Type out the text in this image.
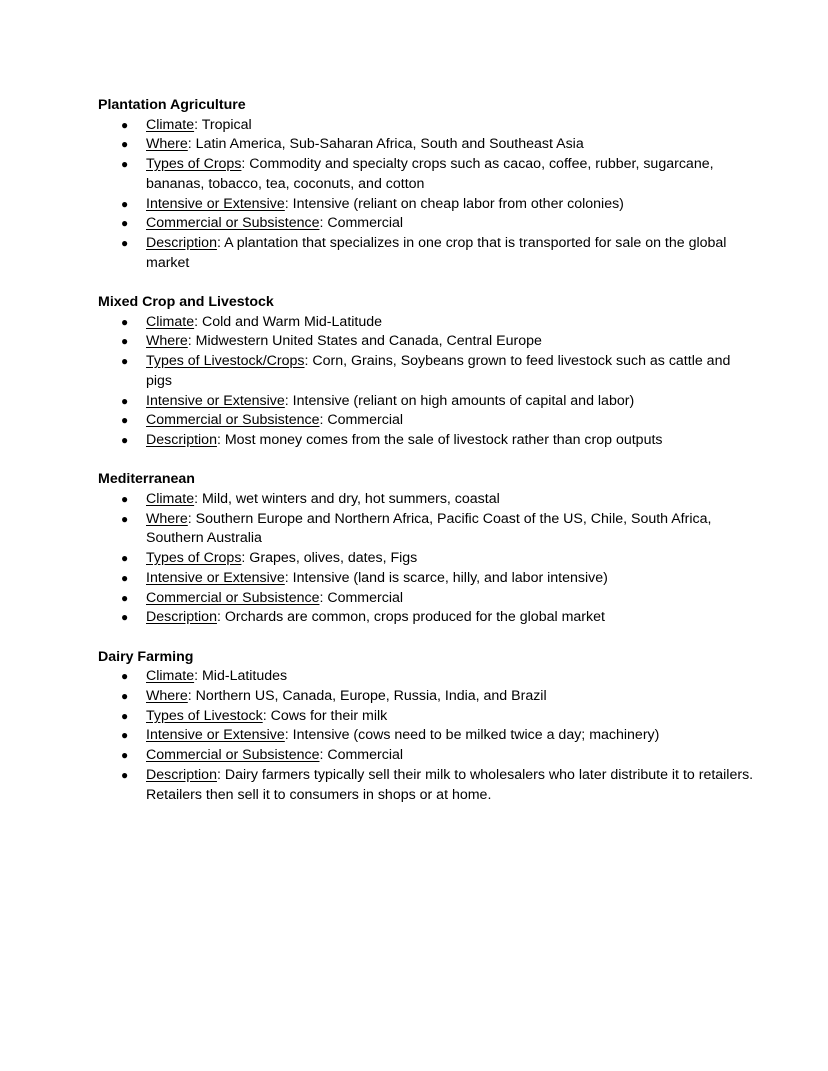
Plantation Agriculture

● Climate: Tropical
● Where: Latin America, Sub-Saharan Africa, South and Southeast Asia
● Types of Crops: Commodity and specialty crops such as cacao, coffee, rubber, sugarcane, bananas, tobacco, tea, coconuts, and cotton
● Intensive or Extensive: Intensive (reliant on cheap labor from other colonies)
● Commercial or Subsistence: Commercial
● Description: A plantation that specializes in one crop that is transported for sale on the global market

Mixed Crop and Livestock

● Climate: Cold and Warm Mid-Latitude
● Where: Midwestern United States and Canada, Central Europe
● Types of Livestock/Crops: Corn, Grains, Soybeans grown to feed livestock such as cattle and pigs
● Intensive or Extensive: Intensive (reliant on high amounts of capital and labor)
● Commercial or Subsistence: Commercial
● Description: Most money comes from the sale of livestock rather than crop outputs

Mediterranean

● Climate: Mild, wet winters and dry, hot summers, coastal
● Where: Southern Europe and Northern Africa, Pacific Coast of the US, Chile, South Africa, Southern Australia
● Types of Crops: Grapes, olives, dates, Figs
● Intensive or Extensive: Intensive (land is scarce, hilly, and labor intensive)
● Commercial or Subsistence: Commercial
● Description: Orchards are common, crops produced for the global market

Dairy Farming

● Climate: Mid-Latitudes
● Where: Northern US, Canada, Europe, Russia, India, and Brazil
● Types of Livestock: Cows for their milk
● Intensive or Extensive: Intensive (cows need to be milked twice a day; machinery)
● Commercial or Subsistence: Commercial
● Description: Dairy farmers typically sell their milk to wholesalers who later distribute it to retailers. Retailers then sell it to consumers in shops or at home.
